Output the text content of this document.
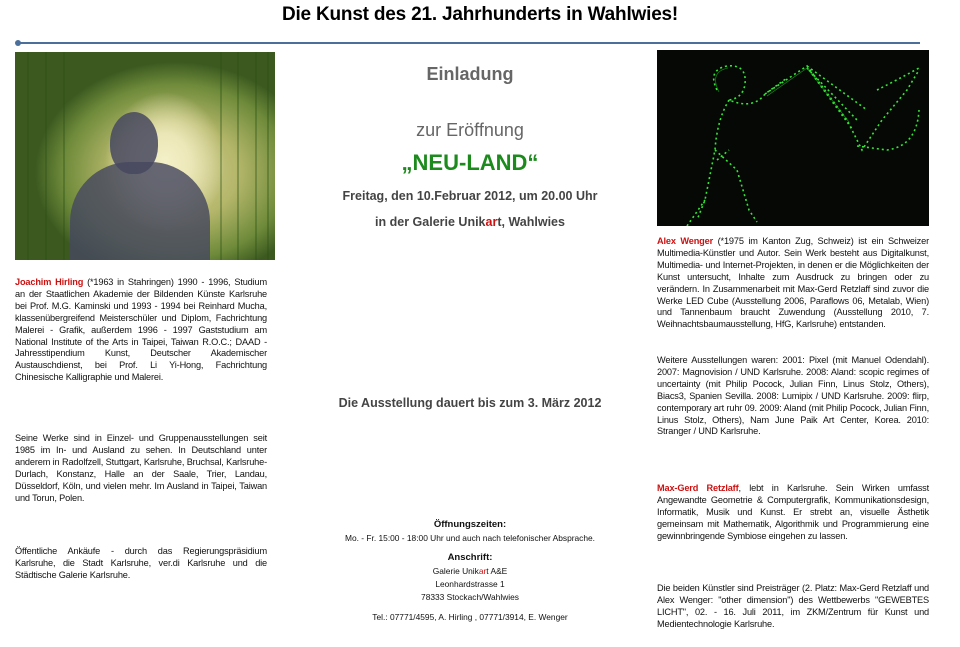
Die Kunst des 21. Jahrhunderts in Wahlwies!
Joachim Hirling (*1963 in Stahringen) 1990 - 1996, Studium an der Staatlichen Akademie der Bildenden Künste Karlsruhe bei Prof. M.G. Kaminski und 1993 - 1994 bei Reinhard Mucha, klassenübergreifend Meisterschüler und Diplom, Fachrichtung Malerei - Grafik, außerdem 1996 - 1997 Gaststudium am National Institute of the Arts in Taipei, Taiwan R.O.C.; DAAD - Jahresstipendium Kunst, Deutscher Akademischer Austauschdienst, bei Prof. Li Yi-Hong, Fachrichtung Chinesische Kalligraphie und Malerei.
Seine Werke sind in Einzel- und Gruppenausstellungen seit 1985 im In- und Ausland zu sehen. In Deutschland unter anderem in Radolfzell, Stuttgart, Karlsruhe, Bruchsal, Karlsruhe-Durlach, Konstanz, Halle an der Saale, Trier, Landau, Düsseldorf, Köln, und vielen mehr. Im Ausland in Taipei, Taiwan und Torun, Polen.
Öffentliche Ankäufe - durch das Regierungspräsidium Karlsruhe, die Stadt Karlsruhe, ver.di Karlsruhe und die Städtische Galerie Karlsruhe.
Einladung
zur Eröffnung
„NEU-LAND“
Freitag, den 10.Februar 2012, um 20.00 Uhr
in der Galerie Unikart, Wahlwies
Die Ausstellung dauert bis zum 3. März 2012
Öffnungszeiten:
Mo. - Fr. 15:00 - 18:00 Uhr und auch nach telefonischer Absprache.
Anschrift:
Galerie Unikart A&E
Leonhardstrasse 1
78333 Stockach/Wahlwies
Tel.: 07771/4595, A. Hirling , 07771/3914, E. Wenger
Alex Wenger (*1975 im Kanton Zug, Schweiz) ist ein Schweizer Multimedia-Künstler und Autor. Sein Werk besteht aus Digitalkunst, Multimedia- und Internet-Projekten, in denen er die Möglichkeiten der Kunst untersucht, Inhalte zum Ausdruck zu bringen oder zu verändern. In Zusammenarbeit mit Max-Gerd Retzlaff sind zuvor die Werke LED Cube (Ausstellung 2006, Paraflows 06, Metalab, Wien) und Tannenbaum braucht Zuwendung (Ausstellung 2010, 7. Weihnachtsbaumausstellung, HfG, Karlsruhe) entstanden.
Weitere Ausstellungen waren: 2001: Pixel (mit Manuel Odendahl). 2007: Magnovision / UND Karlsruhe. 2008: Aland: scopic regimes of uncertainty (mit Philip Pocock, Julian Finn, Linus Stolz, Others), Biacs3, Spanien Sevilla. 2008: Lumipix / UND Karlsruhe. 2009: flirp, contemporary art ruhr 09. 2009: Aland (mit Philip Pocock, Julian Finn, Linus Stolz, Others), Nam June Paik Art Center, Korea. 2010: Stranger / UND Karlsruhe.
Max-Gerd Retzlaff, lebt in Karlsruhe. Sein Wirken umfasst Angewandte Geometrie & Computergrafik, Kommunikationsdesign, Informatik, Musik und Kunst. Er strebt an, visuelle Ästhetik gemeinsam mit Mathematik, Algorithmik und Programmierung eine gewinnbringende Symbiose eingehen zu lassen.
Die beiden Künstler sind Preisträger (2. Platz: Max-Gerd Retzlaff und Alex Wenger: "other dimension") des Wettbewerbs "GEWEBTES LICHT", 02. - 16. Juli 2011, im ZKM/Zentrum für Kunst und Medientechnologie Karlsruhe.
